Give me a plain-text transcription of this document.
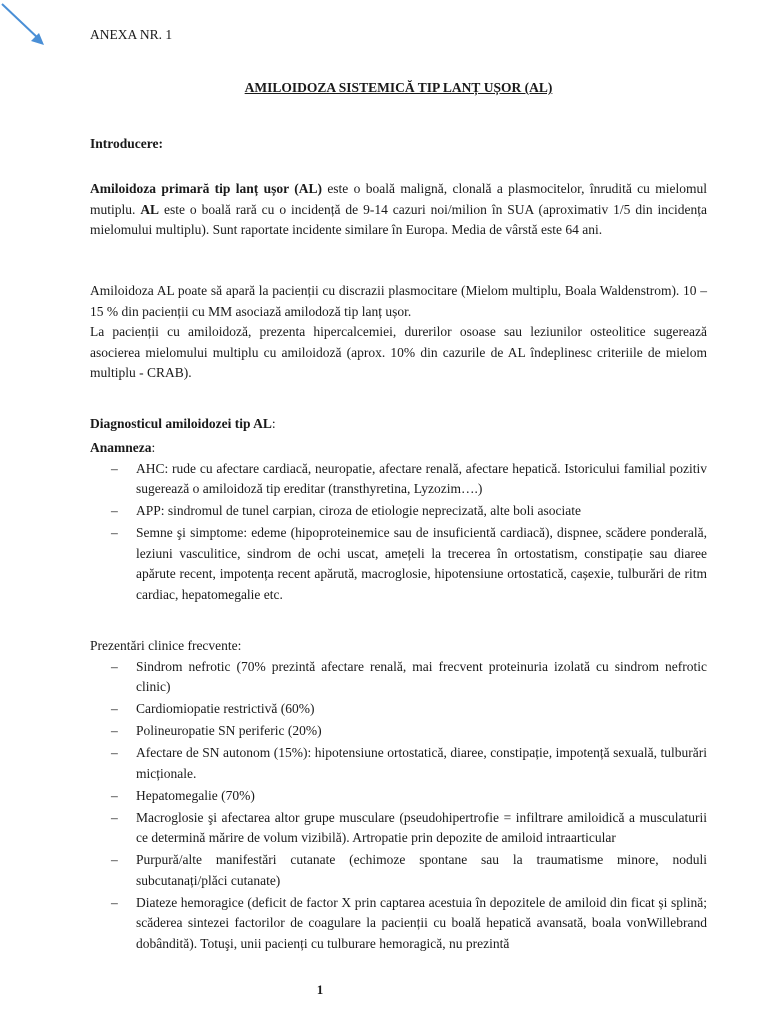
ANEXA NR. 1
AMILOIDOZA SISTEMICĂ TIP LANȚ UȘOR (AL)
Introducere:
Amiloidoza primară tip lanț ușor (AL) este o boală malignă, clonală a plasmocitelor, înrudită cu mielomul mutiplu. AL este o boală rară cu o incidență de 9-14 cazuri noi/milion în SUA (aproximativ 1/5 din incidența mielomului multiplu). Sunt raportate incidente similare în Europa. Media de vârstă este 64 ani.
Amiloidoza AL poate să apară la pacienții cu discrazii plasmocitare (Mielom multiplu, Boala Waldenstrom). 10 – 15 % din pacienții cu MM asociază amilodoză tip lanț ușor.
La pacienții cu amiloidoză, prezenta hipercalcemiei, durerilor osoase sau leziunilor osteolitice sugerează asocierea mielomului multiplu cu amiloidoză (aprox. 10% din cazurile de AL îndeplinesc criteriile de mielom multiplu - CRAB).
Diagnosticul amiloidozei tip AL:
Anamneza:
– AHC: rude cu afectare cardiacă, neuropatie, afectare renală, afectare hepatică. Istoricului familial pozitiv sugerează o amiloidoză tip ereditar (transthyretina, Lyzozim….)
– APP: sindromul de tunel carpian, ciroza de etiologie neprecizată, alte boli asociate
– Semne şi simptome: edeme (hipoproteinemice sau de insuficientă cardiacă), dispnee, scădere ponderală, leziuni vasculitice, sindrom de ochi uscat, amețeli la trecerea în ortostatism, constipație sau diaree apărute recent, impotența recent apărută, macroglosie, hipotensiune ortostatică, cașexie, tulburări de ritm cardiac, hepatomegalie etc.
Prezentări clinice frecvente:
– Sindrom nefrotic (70% prezintă afectare renală, mai frecvent proteinuria izolată cu sindrom nefrotic clinic)
– Cardiomiopatie restrictivă (60%)
– Polineuropatie SN periferic (20%)
– Afectare de SN autonom (15%): hipotensiune ortostatică, diaree, constipație, impotență sexuală, tulburări micționale.
– Hepatomegalie (70%)
– Macroglosie şi afectarea altor grupe musculare (pseudohipertrofie = infiltrare amiloidică a musculaturii ce determină mărire de volum vizibilă). Artropatie prin depozite de amiloid intraarticular
– Purpură/alte manifestări cutanate (echimoze spontane sau la traumatisme minore, noduli subcutanați/plăci cutanate)
– Diateze hemoragice (deficit de factor X prin captarea acestuia în depozitele de amiloid din ficat și splină; scăderea sintezei factorilor de coagulare la pacienții cu boală hepatică avansată, boala vonWillebrand dobândită). Totuşi, unii pacienți cu tulburare hemoragică, nu prezintă
1
